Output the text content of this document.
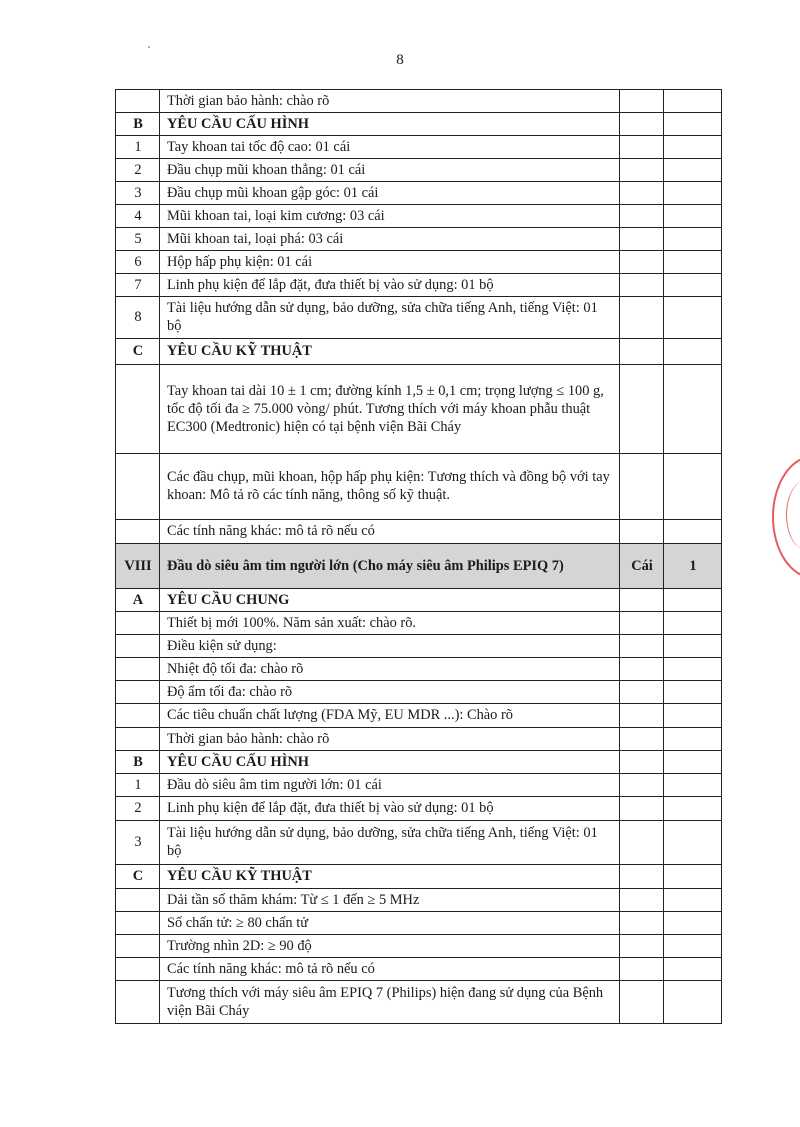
8
	Thời gian bảo hành: chào rõ		
B	YÊU CẦU CẤU HÌNH		
1	Tay khoan tai tốc độ cao: 01 cái		
2	Đầu chụp mũi khoan thẳng: 01 cái		
3	Đầu chụp mũi khoan gập góc: 01 cái		
4	Mũi khoan tai, loại kim cương: 03 cái		
5	Mũi khoan tai, loại phá: 03 cái		
6	Hộp hấp phụ kiện: 01 cái		
7	Linh phụ kiện để lắp đặt, đưa thiết bị vào sử dụng: 01 bộ		
8	Tài liệu hướng dẫn sử dụng, bảo dưỡng, sửa chữa tiếng Anh, tiếng Việt: 01 bộ		
C	YÊU CẦU KỸ THUẬT		
	Tay khoan tai dài 10 ± 1 cm; đường kính 1,5 ± 0,1 cm; trọng lượng ≤ 100 g, tốc độ tối đa ≥ 75.000 vòng/ phút. Tương thích với máy khoan phẫu thuật EC300 (Medtronic) hiện có tại bệnh viện Bãi Cháy		
	Các đầu chụp, mũi khoan, hộp hấp phụ kiện: Tương thích và đồng bộ với tay khoan: Mô tả rõ các tính năng, thông số kỹ thuật.		
	Các tính năng khác: mô tả rõ nếu có		
VIII	Đầu dò siêu âm tim người lớn (Cho máy siêu âm Philips EPIQ 7)	Cái	1
A	YÊU CẦU CHUNG		
	Thiết bị mới 100%. Năm sản xuất: chào rõ.		
	Điều kiện sử dụng:		
	Nhiệt độ tối đa: chào rõ		
	Độ ẩm tối đa: chào rõ		
	Các tiêu chuẩn chất lượng (FDA Mỹ, EU MDR ...): Chào rõ		
	Thời gian bảo hành: chào rõ		
B	YÊU CẦU CẤU HÌNH		
1	Đầu dò siêu âm tim người lớn: 01 cái		
2	Linh phụ kiện để lắp đặt, đưa thiết bị vào sử dụng: 01 bộ		
3	Tài liệu hướng dẫn sử dụng, bảo dưỡng, sửa chữa tiếng Anh, tiếng Việt: 01 bộ		
C	YÊU CẦU KỸ THUẬT		
	Dải tần số thăm khám: Từ ≤ 1 đến ≥ 5 MHz		
	Số chấn tử: ≥ 80 chấn tử		
	Trường nhìn 2D: ≥ 90 độ		
	Các tính năng khác: mô tả rõ nếu có		
	Tương thích với máy siêu âm EPIQ 7 (Philips) hiện đang sử dụng của Bệnh viện Bãi Cháy		
